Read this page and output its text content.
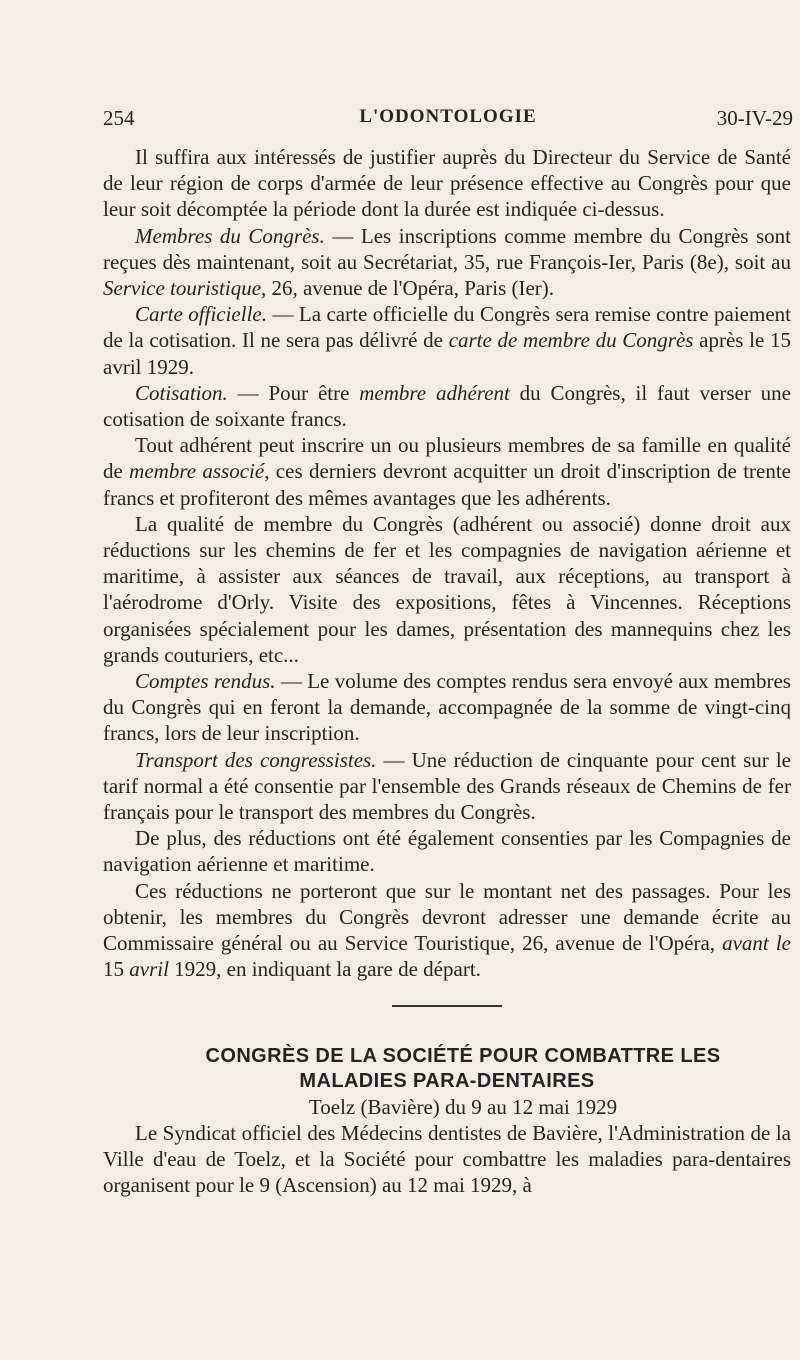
254	L'ODONTOLOGIE	30-IV-29

Il suffira aux intéressés de justifier auprès du Directeur du Service de Santé de leur région de corps d'armée de leur présence effective au Congrès pour que leur soit décomptée la période dont la durée est indiquée ci-dessus.

Membres du Congrès. — Les inscriptions comme membre du Congrès sont reçues dès maintenant, soit au Secrétariat, 35, rue François-Ier, Paris (8e), soit au Service touristique, 26, avenue de l'Opéra, Paris (Ier).

Carte officielle. — La carte officielle du Congrès sera remise contre paiement de la cotisation. Il ne sera pas délivré de carte de membre du Congrès après le 15 avril 1929.

Cotisation. — Pour être membre adhérent du Congrès, il faut verser une cotisation de soixante francs.

Tout adhérent peut inscrire un ou plusieurs membres de sa famille en qualité de membre associé, ces derniers devront acquitter un droit d'inscription de trente francs et profiteront des mêmes avantages que les adhérents.

La qualité de membre du Congrès (adhérent ou associé) donne droit aux réductions sur les chemins de fer et les compagnies de navigation aérienne et maritime, à assister aux séances de travail, aux réceptions, au transport à l'aérodrome d'Orly. Visite des expositions, fêtes à Vincennes. Réceptions organisées spécialement pour les dames, présentation des mannequins chez les grands couturiers, etc...

Comptes rendus. — Le volume des comptes rendus sera envoyé aux membres du Congrès qui en feront la demande, accompagnée de la somme de vingt-cinq francs, lors de leur inscription.

Transport des congressistes. — Une réduction de cinquante pour cent sur le tarif normal a été consentie par l'ensemble des Grands réseaux de Chemins de fer français pour le transport des membres du Congrès.

De plus, des réductions ont été également consenties par les Compagnies de navigation aérienne et maritime.

Ces réductions ne porteront que sur le montant net des passages. Pour les obtenir, les membres du Congrès devront adresser une demande écrite au Commissaire général ou au Service Touristique, 26, avenue de l'Opéra, avant le 15 avril 1929, en indiquant la gare de départ.

CONGRÈS DE LA SOCIÉTÉ POUR COMBATTRE LES
MALADIES PARA-DENTAIRES

Toelz (Bavière) du 9 au 12 mai 1929

Le Syndicat officiel des Médecins dentistes de Bavière, l'Administration de la Ville d'eau de Toelz, et la Société pour combattre les maladies para-dentaires organisent pour le 9 (Ascension) au 12 mai 1929, à
